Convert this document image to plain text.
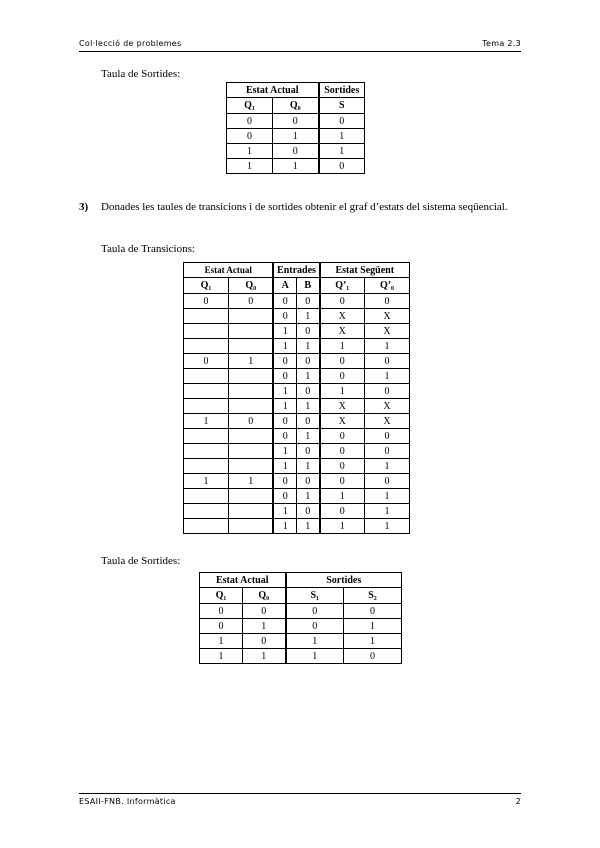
Col·lecció de problemes	Tema 2.3
Taula de Sortides:
Estat Actual		Sortides
Q₁	Q₀	S
0	0	0
0	1	1
1	0	1
1	1	0
3) Donades les taules de transicions i de sortides obtenir el graf d’estats del sistema seqüencial.
Taula de Transicions:
Estat Actual		Entrades		Estat Següent	
Q₁	Q₀	A	B	Q’₁	Q’₀
0	0	0	0	0	0
		0	1	X	X
		1	0	X	X
		1	1	1	1
0	1	0	0	0	0
		0	1	0	1
		1	0	1	0
		1	1	X	X
1	0	0	0	X	X
		0	1	0	0
		1	0	0	0
		1	1	0	1
1	1	0	0	0	0
		0	1	1	1
		1	0	0	1
		1	1	1	1
Taula de Sortides:
Estat Actual		Sortides	
Q₁	Q₀	S₁	S₂
0	0	0	0
0	1	0	1
1	0	1	1
1	1	1	0
ESAII-FNB. Informàtica	2
